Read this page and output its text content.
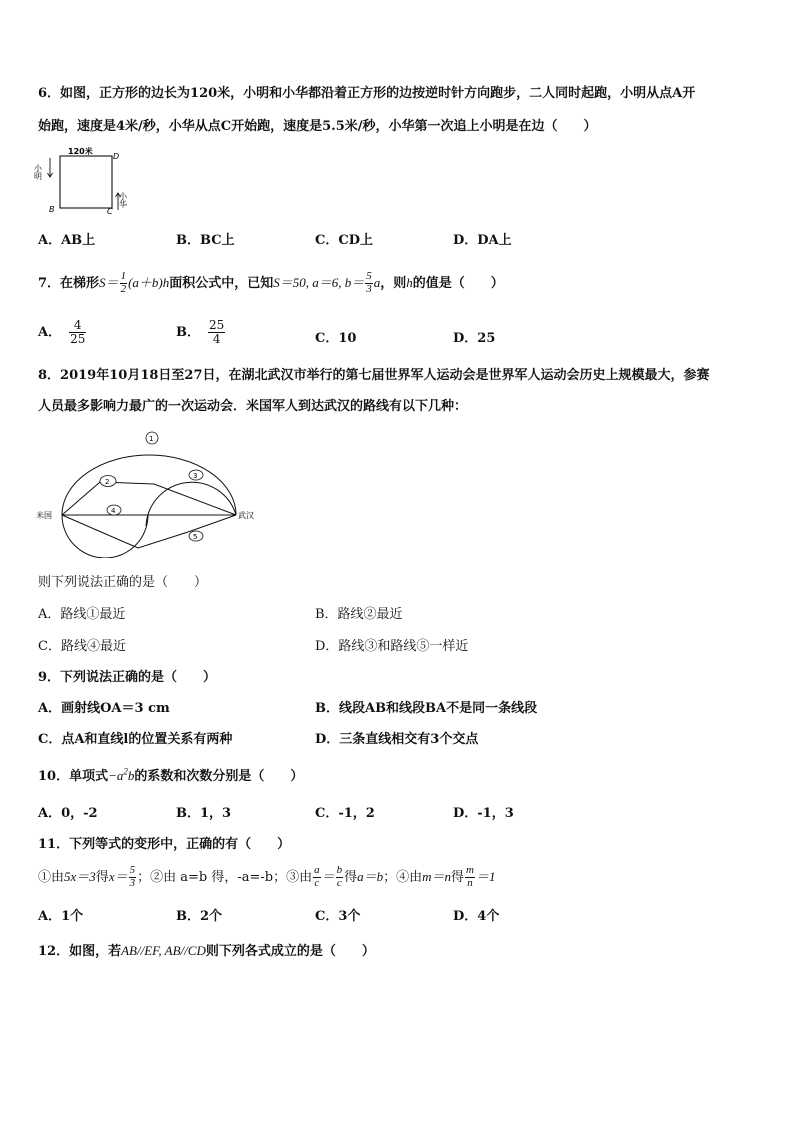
6．如图，正方形的边长为120米，小明和小华都沿着正方形的边按逆时针方向跑步，二人同时起跑，小明从点A开
始跑，速度是4米/秒，小华从点C开始跑，速度是5.5米/秒，小华第一次追上小明是在边（　　）
120米
D
B	C
小明
小华
A．AB上	B．BC上	C．CD上	D．DA上
7．在梯形$S= \frac{1}{2} (a+b)h$面积公式中，已知S＝50, a＝6, $b= \frac{5}{3}$ a，则h的值是（　　）
A． $\frac{4}{25}$	B． $\frac{25}{4}$	C．10	D．25
8．2019年10月18日至27日，在湖北武汉市举行的第七届世界军人运动会是世界军人运动会历史上规模最大，参赛
人员最多影响力最广的一次运动会．米国军人到达武汉的路线有以下几种：
1
2
3
4
5
米国	武汉
则下列说法正确的是（　　）
A．路线①最近	B．路线②最近
C．路线④最近	D．路线③和路线⑤一样近
9．下列说法正确的是（　　）
A．画射线OA＝3 cm	B．线段AB和线段BA不是同一条线段
C．点A和直线l的位置关系有两种	D．三条直线相交有3个交点
10．单项式$-a^2b$的系数和次数分别是（　　）
A．0，-2	B．1，3	C．-1，2	D．-1，3
11．下列等式的变形中，正确的有（　　）
①由5x＝3得$x= \frac{5}{3}$ ；②由 a=b 得，-a=-b；③由 $\frac{a}{c} = \frac{b}{c}$ 得a＝b；④由m＝n得 $\frac{m}{n} =1$
A．1个	B．2个	C．3个	D．4个
12．如图，若AB//EF, AB//CD则下列各式成立的是（　　）
